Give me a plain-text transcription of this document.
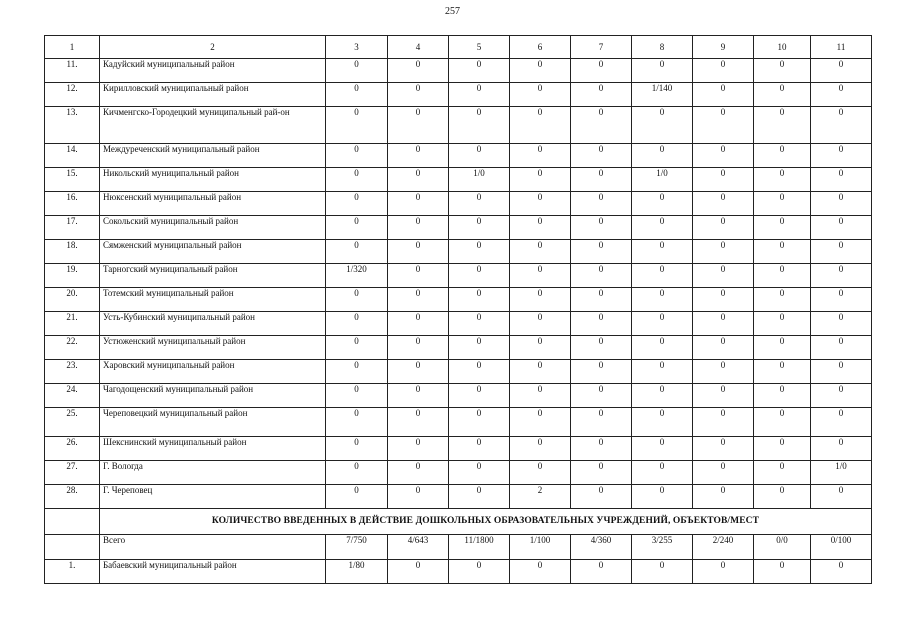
257
1	2	3	4	5	6	7	8	9	10	11
11.	Кадуйский муниципальный район	0	0	0	0	0	0	0	0	0
12.	Кирилловский муниципальный район	0	0	0	0	0	1/140	0	0	0
13.	Кичменгско-Городецкий муниципальный рай-он	0	0	0	0	0	0	0	0	0
14.	Междуреченский муниципальный район	0	0	0	0	0	0	0	0	0
15.	Никольский муниципальный район	0	0	1/0	0	0	1/0	0	0	0
16.	Нюксенский муниципальный район	0	0	0	0	0	0	0	0	0
17.	Сокольский муниципальный район	0	0	0	0	0	0	0	0	0
18.	Сямженский муниципальный район	0	0	0	0	0	0	0	0	0
19.	Тарногский муниципальный район	1/320	0	0	0	0	0	0	0	0
20.	Тотемский муниципальный район	0	0	0	0	0	0	0	0	0
21.	Усть-Кубинский муниципальный район	0	0	0	0	0	0	0	0	0
22.	Устюженский муниципальный район	0	0	0	0	0	0	0	0	0
23.	Харовский муниципальный район	0	0	0	0	0	0	0	0	0
24.	Чагодощенский муниципальный район	0	0	0	0	0	0	0	0	0
25.	Череповецкий муниципальный район	0	0	0	0	0	0	0	0	0
26.	Шекснинский муниципальный район	0	0	0	0	0	0	0	0	0
27.	Г. Вологда	0	0	0	0	0	0	0	0	1/0
28.	Г. Череповец	0	0	0	2	0	0	0	0	0
	КОЛИЧЕСТВО ВВЕДЕННЫХ В ДЕЙСТВИЕ ДОШКОЛЬНЫХ ОБРАЗОВАТЕЛЬНЫХ УЧРЕЖДЕНИЙ, ОБЪЕКТОВ/МЕСТ									
	Всего	7/750	4/643	11/1800	1/100	4/360	3/255	2/240	0/0	0/100
1.	Бабаевский муниципальный район	1/80	0	0	0	0	0	0	0	0
